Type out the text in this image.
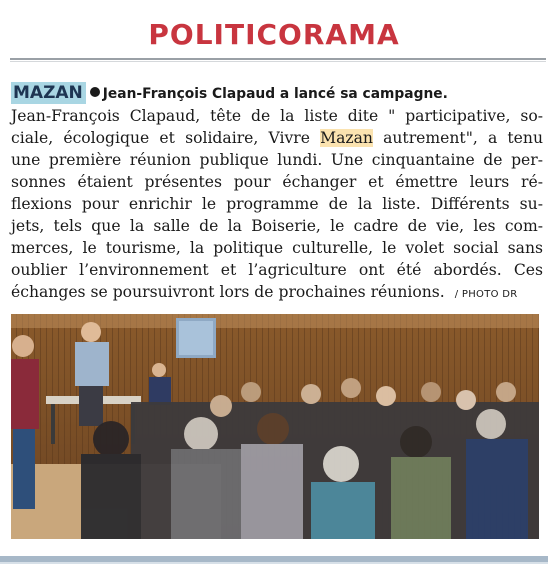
POLITICORAMA
MAZAN Jean-François Clapaud a lancé sa campagne.
Jean-François Clapaud, tête de la liste dite " participative, so-
ciale, écologique et solidaire, Vivre Mazan autrement", a tenu
une première réunion publique lundi. Une cinquantaine de per-
sonnes étaient présentes pour échanger et émettre leurs ré-
flexions pour enrichir le programme de la liste. Différents su-
jets, tels que la salle de la Boiserie, le cadre de vie, les com-
merces, le tourisme, la politique culturelle, le volet social sans
oublier l’environnement et l’agriculture ont été abordés. Ces
échanges se poursuivront lors de prochaines réunions. / PHOTO DR
